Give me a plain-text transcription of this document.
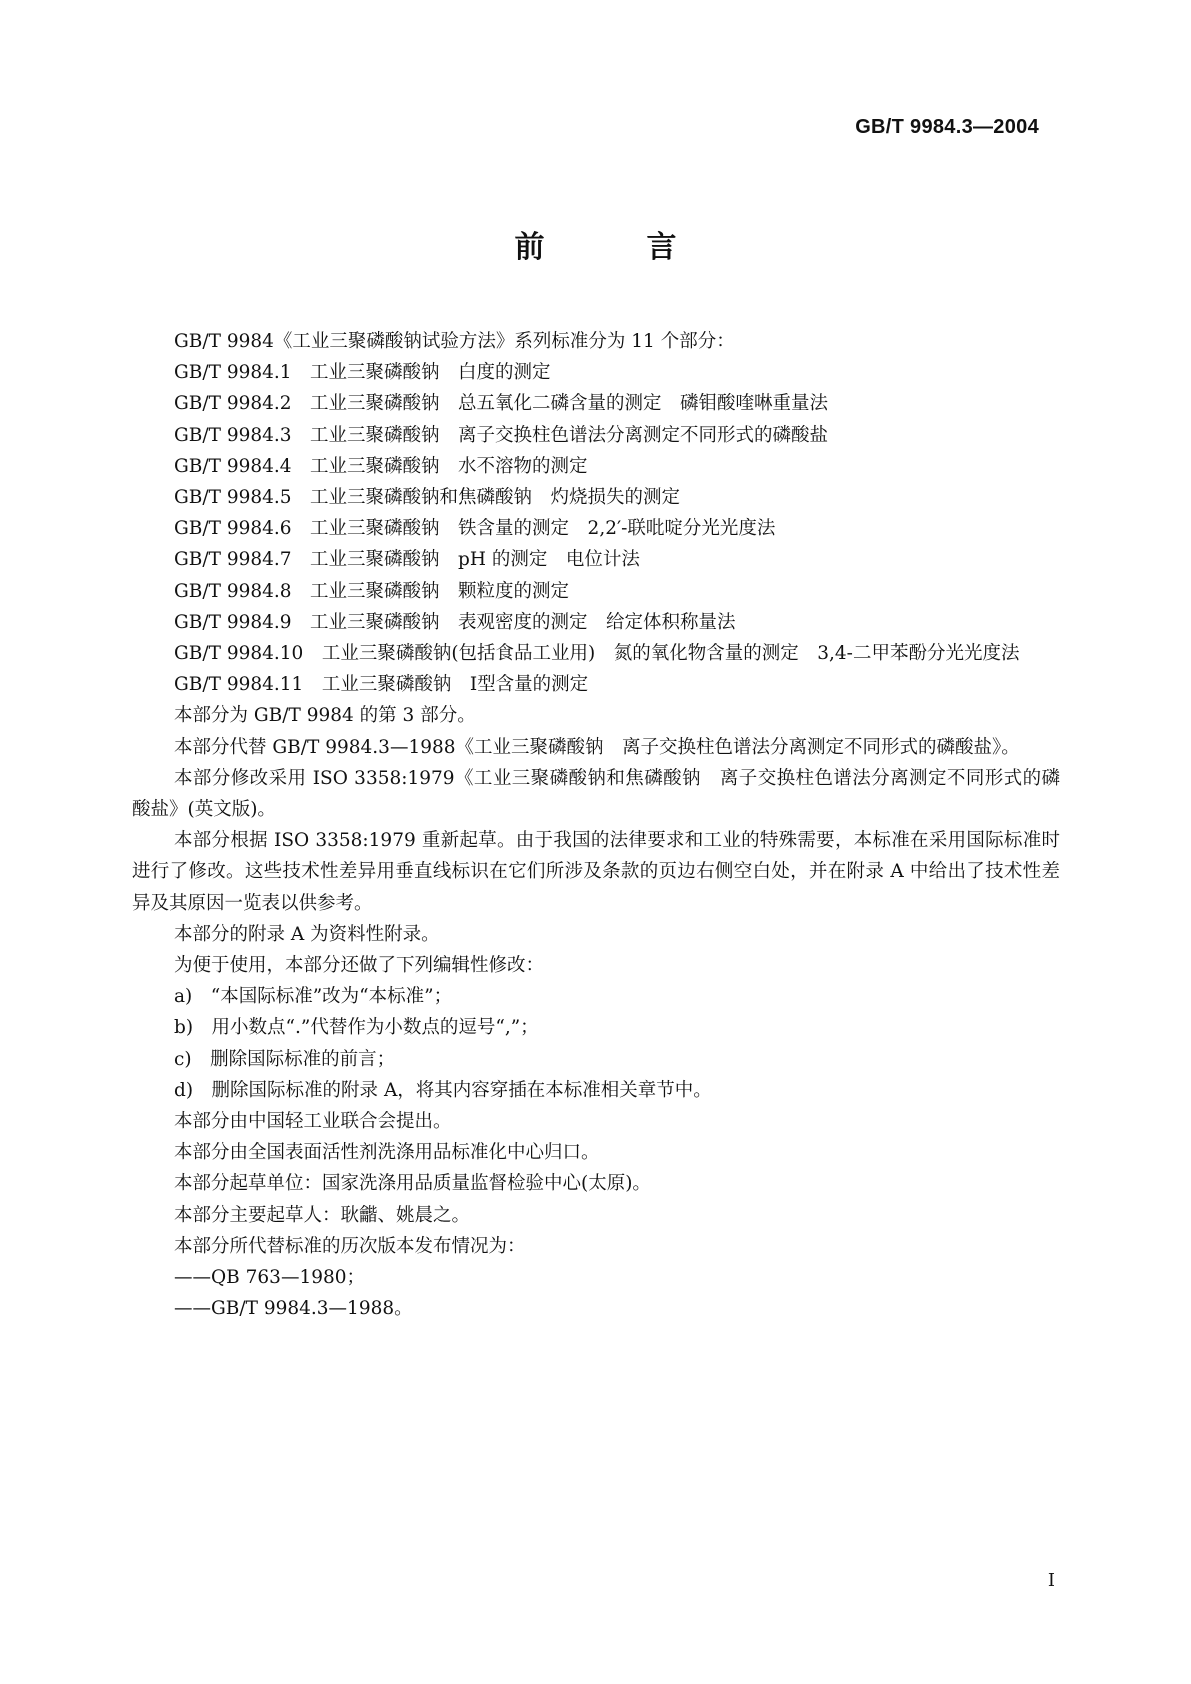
GB/T 9984.3—2004
前　言

GB/T 9984《工业三聚磷酸钠试验方法》系列标准分为 11 个部分：

GB/T 9984.1　工业三聚磷酸钠　白度的测定

GB/T 9984.2　工业三聚磷酸钠　总五氧化二磷含量的测定　磷钼酸喹啉重量法

GB/T 9984.3　工业三聚磷酸钠　离子交换柱色谱法分离测定不同形式的磷酸盐

GB/T 9984.4　工业三聚磷酸钠　水不溶物的测定

GB/T 9984.5　工业三聚磷酸钠和焦磷酸钠　灼烧损失的测定

GB/T 9984.6　工业三聚磷酸钠　铁含量的测定　2,2′-联吡啶分光光度法

GB/T 9984.7　工业三聚磷酸钠　pH 的测定　电位计法

GB/T 9984.8　工业三聚磷酸钠　颗粒度的测定

GB/T 9984.9　工业三聚磷酸钠　表观密度的测定　给定体积称量法

GB/T 9984.10　工业三聚磷酸钠(包括食品工业用)　氮的氧化物含量的测定　3,4-二甲苯酚分光光度法

GB/T 9984.11　工业三聚磷酸钠　Ⅰ型含量的测定

本部分为 GB/T 9984 的第 3 部分。

本部分代替 GB/T 9984.3—1988《工业三聚磷酸钠　离子交换柱色谱法分离测定不同形式的磷酸盐》。

本部分修改采用 ISO 3358:1979《工业三聚磷酸钠和焦磷酸钠　离子交换柱色谱法分离测定不同形式的磷酸盐》(英文版)。

本部分根据 ISO 3358:1979 重新起草。由于我国的法律要求和工业的特殊需要，本标准在采用国际标准时进行了修改。这些技术性差异用垂直线标识在它们所涉及条款的页边右侧空白处，并在附录 A 中给出了技术性差异及其原因一览表以供参考。

本部分的附录 A 为资料性附录。

为便于使用，本部分还做了下列编辑性修改：

a)　“本国际标准”改为“本标准”；

b)　用小数点“.”代替作为小数点的逗号“,”；

c)　删除国际标准的前言；

d)　删除国际标准的附录 A，将其内容穿插在本标准相关章节中。

本部分由中国轻工业联合会提出。

本部分由全国表面活性剂洗涤用品标准化中心归口。

本部分起草单位：国家洗涤用品质量监督检验中心(太原)。

本部分主要起草人：耿龤、姚晨之。

本部分所代替标准的历次版本发布情况为：

——QB 763—1980；

——GB/T 9984.3—1988。

Ⅰ
